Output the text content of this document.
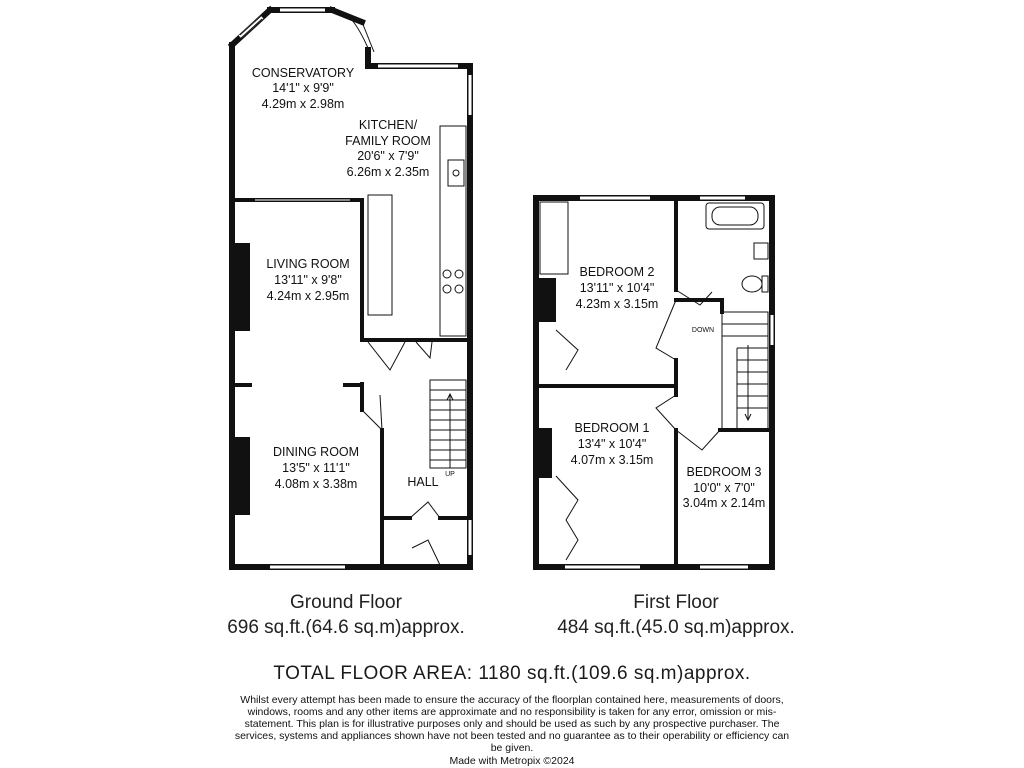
CONSERVATORY
14'1" x 9'9"
4.29m x 2.98m
KITCHEN/
FAMILY ROOM
20'6" x 7'9"
6.26m x 2.35m
LIVING ROOM
13'11" x 9'8"
4.24m x 2.95m
DINING ROOM
13'5" x 11'1"
4.08m x 3.38m	HALL
UP
BEDROOM 2
13'11" x 10'4"
4.23m x 3.15m
BEDROOM 1
13'4" x 10'4"
4.07m x 3.15m
BEDROOM 3
10'0" x 7'0"
3.04m x 2.14m
DOWN
Ground Floor
696 sq.ft.(64.6 sq.m)approx.
First Floor
484 sq.ft.(45.0 sq.m)approx.
TOTAL FLOOR AREA: 1180 sq.ft.(109.6 sq.m)approx.
Whilst every attempt has been made to ensure the accuracy of the floorplan contained here, measurements of doors, windows, rooms and any other items are approximate and no responsibility is taken for any error, omission or mis-statement. This plan is for illustrative purposes only and should be used as such by any prospective purchaser. The services, systems and appliances shown have not been tested and no guarantee as to their operability or efficiency can be given.
Made with Metropix ©2024
